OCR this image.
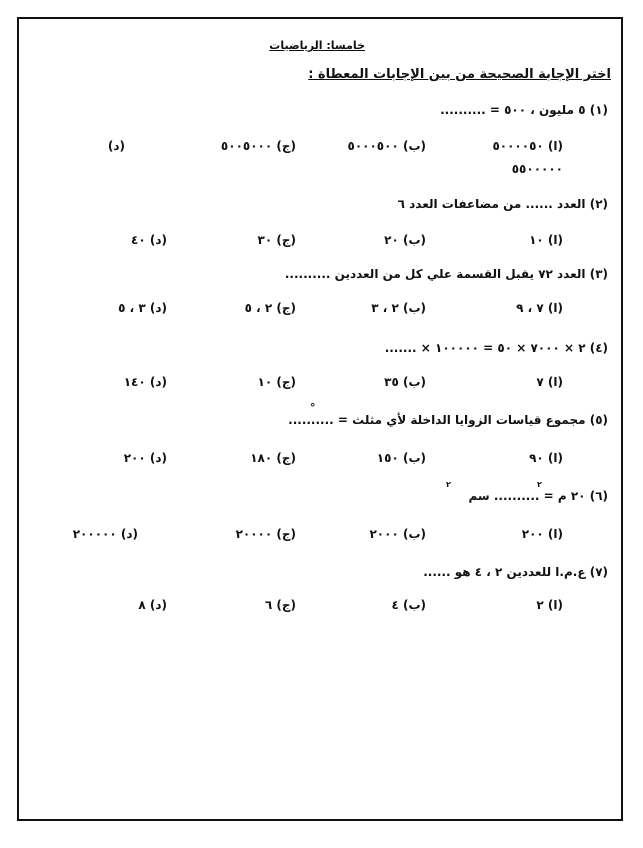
خامسا: الرياضيات
اختر الإجابة الصحيحة من بين الإجابات المعطاة :
(١) ٥ مليون ، ٥٠٠ = ..........
(ا) ٥٠٠٠٠٥٠
(ب) ٥٠٠٠٥٠٠
(ج) ٥٠٠٥٠٠٠
(د)
٥٥٠٠٠٠٠
(٢) العدد ...... من مضاعفات العدد ٦
(ا) ١٠
(ب) ٢٠
(ج) ٣٠
(د) ٤٠
(٣) العدد ٧٢ يقبل القسمة علي كل من العددين ..........
(ا) ٧ ، ٩
(ب) ٢ ، ٣
(ج) ٢ ، ٥
(د) ٣ ، ٥
(٤) ٢ × ٧٠٠٠ × ٥٠ = ١٠٠٠٠٠ × .......
(ا) ٧
(ب) ٣٥
(ج) ١٠
(د) ١٤٠
°
(٥) مجموع قياسات الزوايا الداخلة لأي مثلث = ..........
(ا) ٩٠
(ب) ١٥٠
(ج) ١٨٠
(د) ٢٠٠
(٦) ٢٠ م = .......... سم
٢
٢
(ا) ٢٠٠
(ب) ٢٠٠٠
(ج) ٢٠٠٠٠
(د) ٢٠٠٠٠٠
(٧) ع.م.ا للعددين ٢ ، ٤ هو ......
(ا) ٢
(ب) ٤
(ج) ٦
(د) ٨
